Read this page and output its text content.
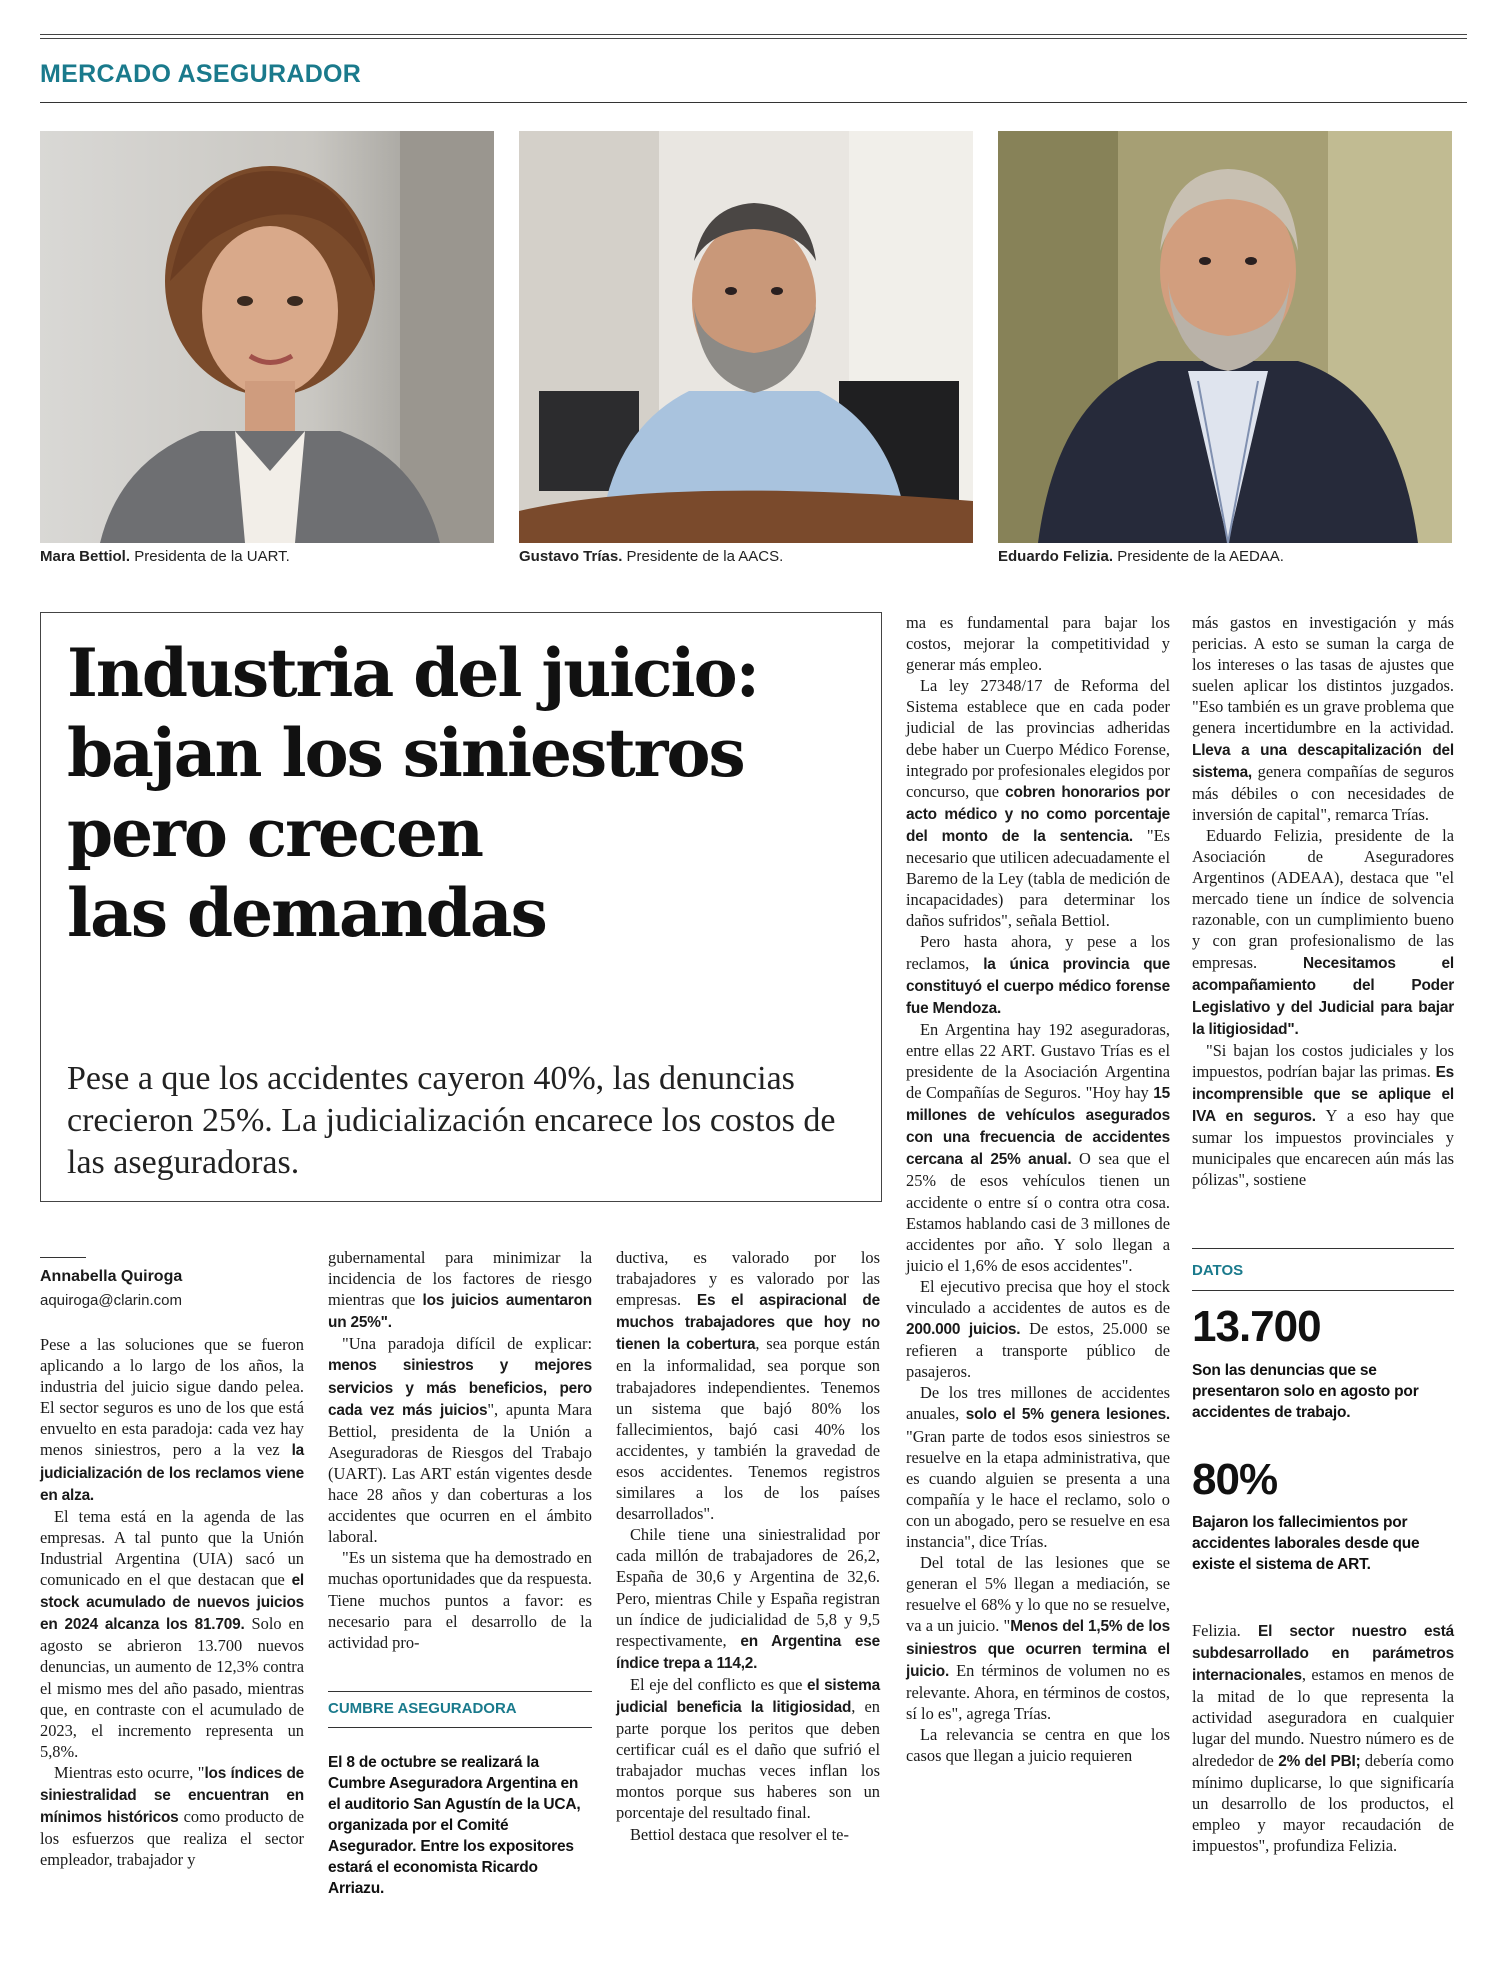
MERCADO ASEGURADOR
Mara Bettiol. Presidenta de la UART.	Gustavo Trías. Presidente de la AACS.	Eduardo Felizia. Presidente de la AEDAA.
Industria del juicio:
bajan los siniestros
pero crecen
las demandas
Pese a que los accidentes cayeron 40%, las denuncias crecieron 25%. La judicialización encarece los costos de las aseguradoras.
Annabella Quiroga
aquiroga@clarin.com

Pese a las soluciones que se fueron aplicando a lo largo de los años, la industria del juicio sigue dando pelea. El sector seguros es uno de los que está envuelto en esta paradoja: cada vez hay menos siniestros, pero a la vez la judicialización de los reclamos viene en alza.

El tema está en la agenda de las empresas. A tal punto que la Unión Industrial Argentina (UIA) sacó un comunicado en el que destacan que el stock acumulado de nuevos juicios en 2024 alcanza los 81.709. Solo en agosto se abrieron 13.700 nuevos denuncias, un aumento de 12,3% contra el mismo mes del año pasado, mientras que, en contraste con el acumulado de 2023, el incremento representa un 5,8%.

Mientras esto ocurre, "los índices de siniestralidad se encuentran en mínimos históricos como producto de los esfuerzos que realiza el sector empleador, trabajador y

gubernamental para minimizar la incidencia de los factores de riesgo mientras que los juicios aumentaron un 25%".

"Una paradoja difícil de explicar: menos siniestros y mejores servicios y más beneficios, pero cada vez más juicios", apunta Mara Bettiol, presidenta de la Unión a Aseguradoras de Riesgos del Trabajo (UART). Las ART están vigentes desde hace 28 años y dan coberturas a los accidentes que ocurren en el ámbito laboral.

"Es un sistema que ha demostrado en muchas oportunidades que da respuesta. Tiene muchos puntos a favor: es necesario para el desarrollo de la actividad pro-

CUMBRE ASEGURADORA
El 8 de octubre se realizará la Cumbre Aseguradora Argentina en el auditorio San Agustín de la UCA, organizada por el Comité Asegurador. Entre los expositores estará el economista Ricardo Arriazu.

ductiva, es valorado por los trabajadores y es valorado por las empresas. Es el aspiracional de muchos trabajadores que hoy no tienen la cobertura, sea porque están en la informalidad, sea porque son trabajadores independientes. Tenemos un sistema que bajó 80% los fallecimientos, bajó casi 40% los accidentes, y también la gravedad de esos accidentes. Tenemos registros similares a los de los países desarrollados".

Chile tiene una siniestralidad por cada millón de trabajadores de 26,2, España de 30,6 y Argentina de 32,6. Pero, mientras Chile y España registran un índice de judicialidad de 5,8 y 9,5 respectivamente, en Argentina ese índice trepa a 114,2.

El eje del conflicto es que el sistema judicial beneficia la litigiosidad, en parte porque los peritos que deben certificar cuál es el daño que sufrió el trabajador muchas veces inflan los montos porque sus haberes son un porcentaje del resultado final.

Bettiol destaca que resolver el te-

ma es fundamental para bajar los costos, mejorar la competitividad y generar más empleo.

La ley 27348/17 de Reforma del Sistema establece que en cada poder judicial de las provincias adheridas debe haber un Cuerpo Médico Forense, integrado por profesionales elegidos por concurso, que cobren honorarios por acto médico y no como porcentaje del monto de la sentencia. "Es necesario que utilicen adecuadamente el Baremo de la Ley (tabla de medición de incapacidades) para determinar los daños sufridos", señala Bettiol.

Pero hasta ahora, y pese a los reclamos, la única provincia que constituyó el cuerpo médico forense fue Mendoza.

En Argentina hay 192 aseguradoras, entre ellas 22 ART. Gustavo Trías es el presidente de la Asociación Argentina de Compañías de Seguros. "Hoy hay 15 millones de vehículos asegurados con una frecuencia de accidentes cercana al 25% anual. O sea que el 25% de esos vehículos tienen un accidente o entre sí o contra otra cosa. Estamos hablando casi de 3 millones de accidentes por año. Y solo llegan a juicio el 1,6% de esos accidentes".

El ejecutivo precisa que hoy el stock vinculado a accidentes de autos es de 200.000 juicios. De estos, 25.000 se refieren a transporte público de pasajeros.

De los tres millones de accidentes anuales, solo el 5% genera lesiones. "Gran parte de todos esos siniestros se resuelve en la etapa administrativa, que es cuando alguien se presenta a una compañía y le hace el reclamo, solo o con un abogado, pero se resuelve en esa instancia", dice Trías.

Del total de las lesiones que se generan el 5% llegan a mediación, se resuelve el 68% y lo que no se resuelve, va a un juicio. "Menos del 1,5% de los siniestros que ocurren termina el juicio. En términos de volumen no es relevante. Ahora, en términos de costos, sí lo es", agrega Trías.

La relevancia se centra en que los casos que llegan a juicio requieren

más gastos en investigación y más pericias. A esto se suman la carga de los intereses o las tasas de ajustes que suelen aplicar los distintos juzgados. "Eso también es un grave problema que genera incertidumbre en la actividad. Lleva a una descapitalización del sistema, genera compañías de seguros más débiles o con necesidades de inversión de capital", remarca Trías.

Eduardo Felizia, presidente de la Asociación de Aseguradores Argentinos (ADEAA), destaca que "el mercado tiene un índice de solvencia razonable, con un cumplimiento bueno y con gran profesionalismo de las empresas. Necesitamos el acompañamiento del Poder Legislativo y del Judicial para bajar la litigiosidad".

"Si bajan los costos judiciales y los impuestos, podrían bajar las primas. Es incomprensible que se aplique el IVA en seguros. Y a eso hay que sumar los impuestos provinciales y municipales que encarecen aún más las pólizas", sostiene

DATOS
13.700
Son las denuncias que se presentaron solo en agosto por accidentes de trabajo.
80%
Bajaron los fallecimientos por accidentes laborales desde que existe el sistema de ART.

Felizia. El sector nuestro está subdesarrollado en parámetros internacionales, estamos en menos de la mitad de lo que representa la actividad aseguradora en cualquier lugar del mundo. Nuestro número es de alrededor de 2% del PBI; debería como mínimo duplicarse, lo que significaría un desarrollo de los productos, el empleo y mayor recaudación de impuestos", profundiza Felizia.
